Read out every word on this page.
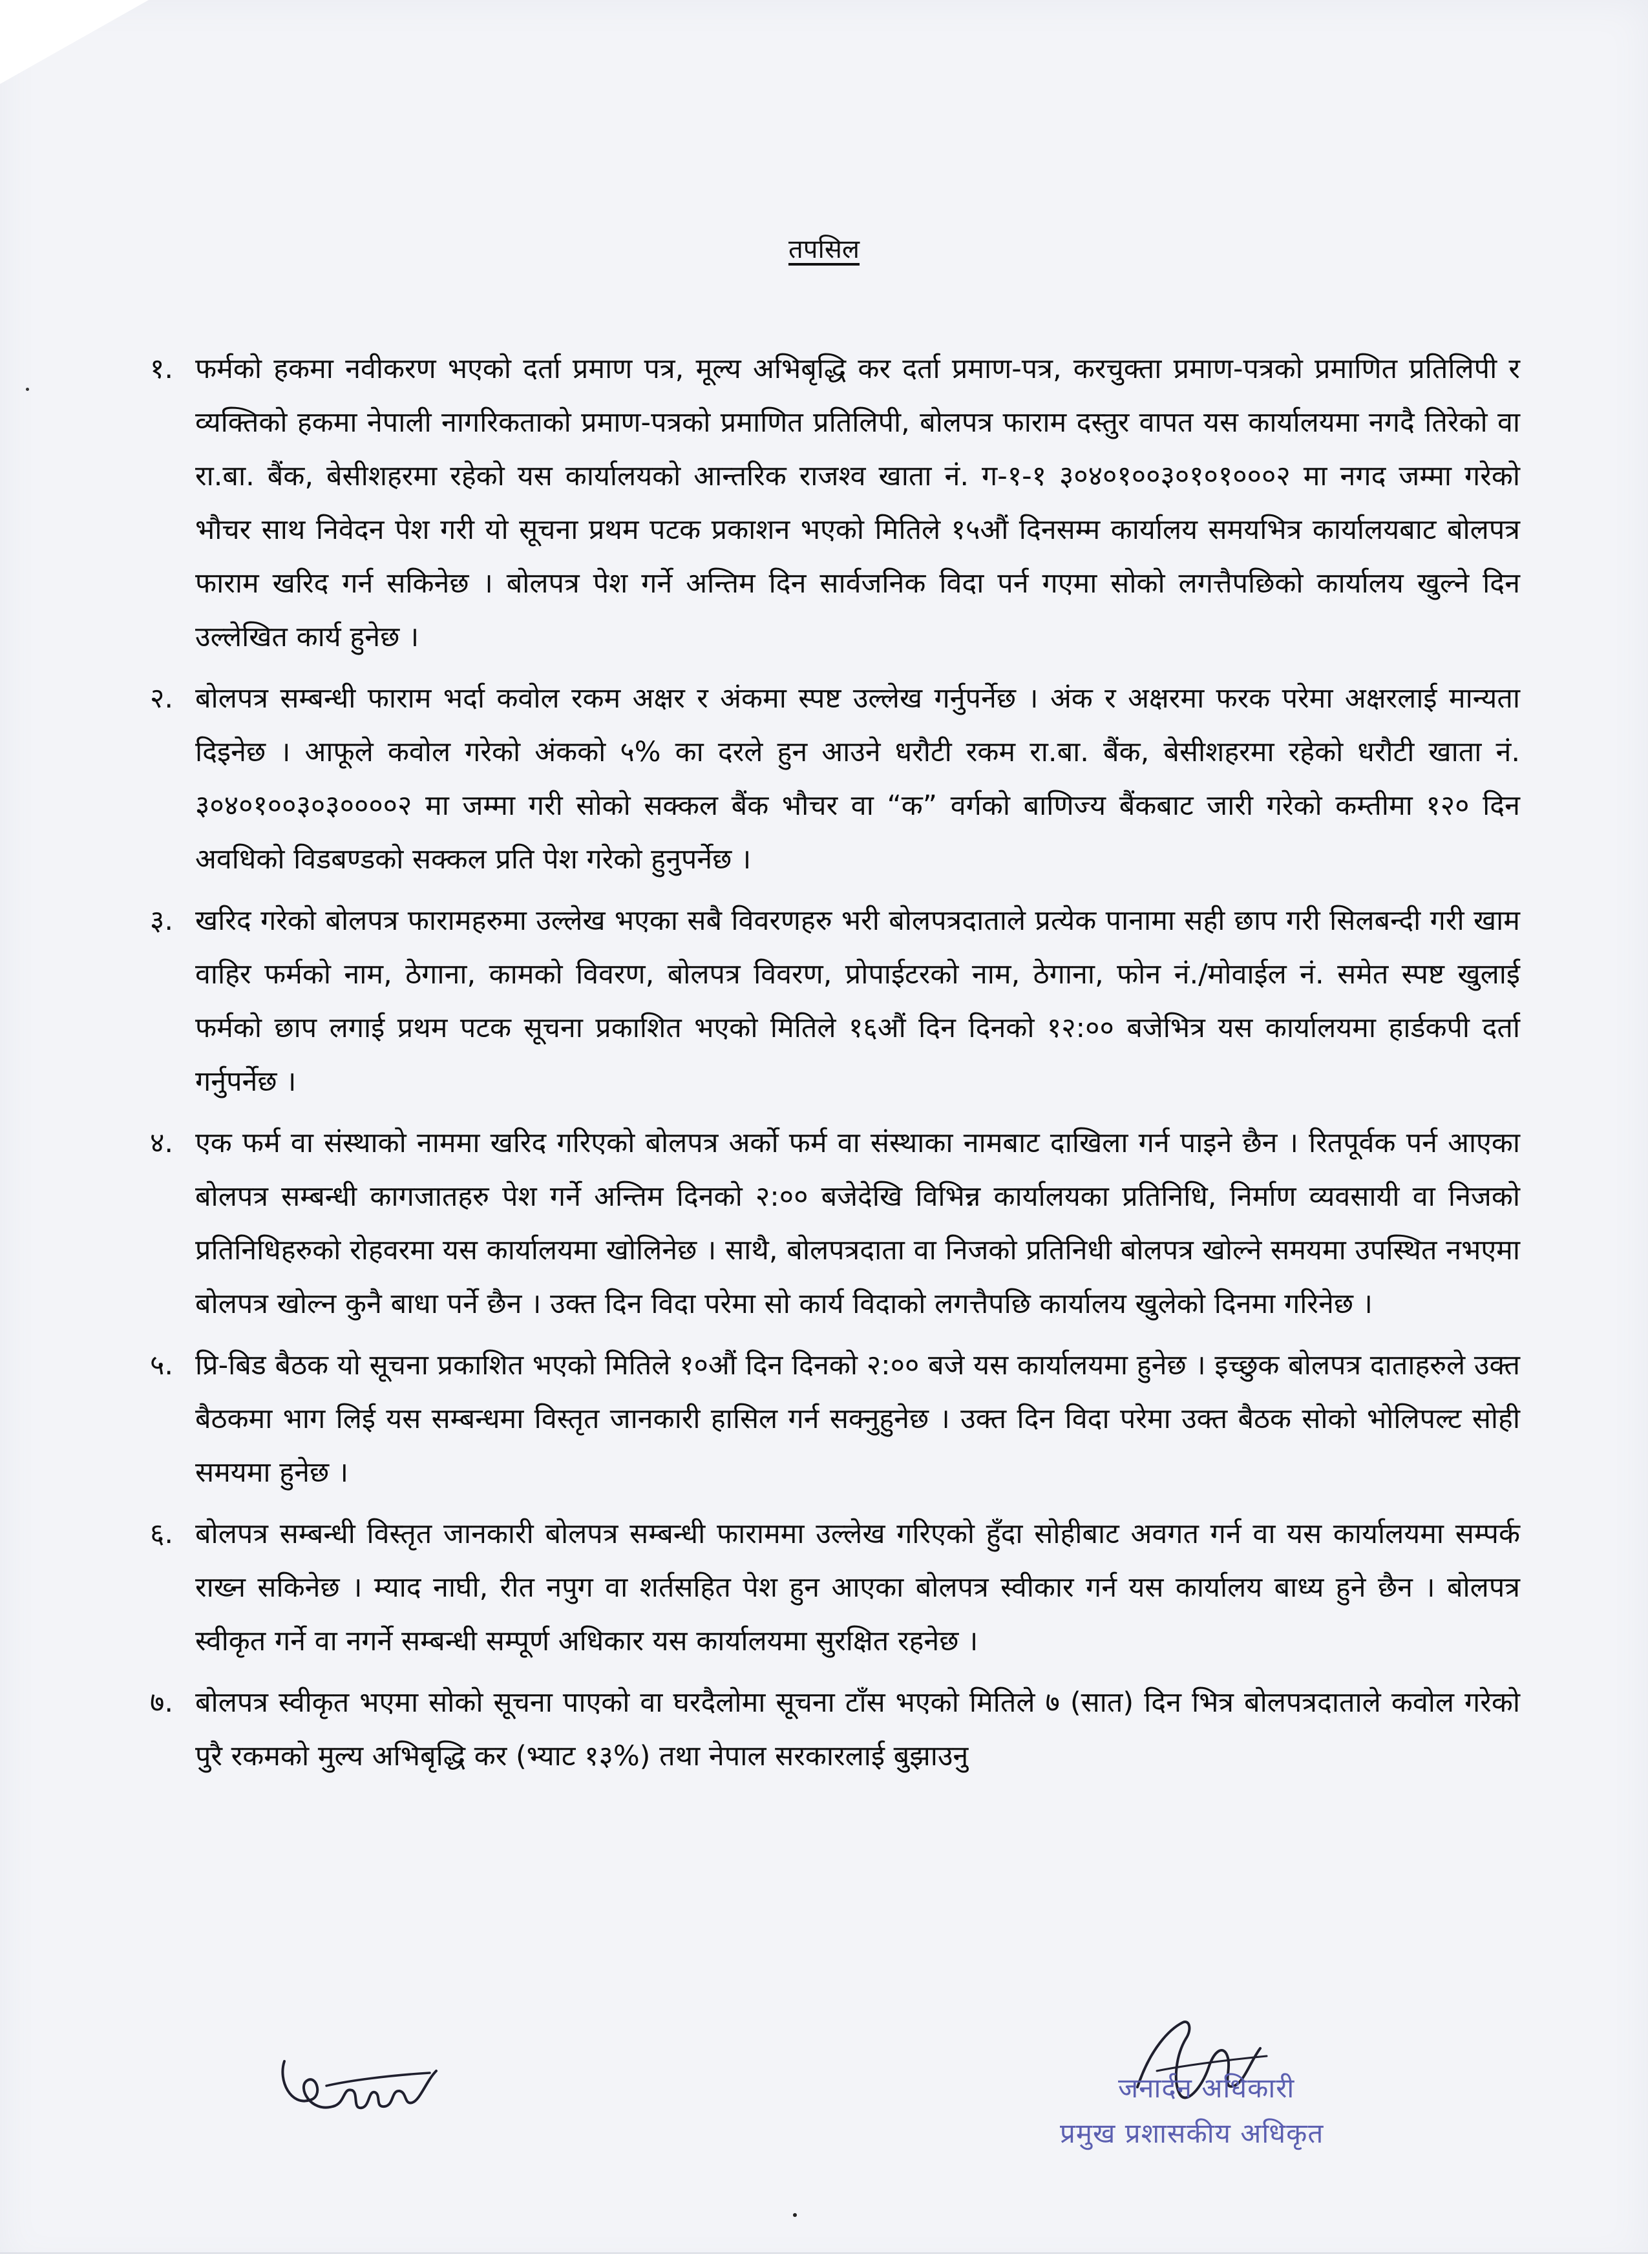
तपसिल
१. फर्मको हकमा नवीकरण भएको दर्ता प्रमाण पत्र, मूल्य अभिबृद्धि कर दर्ता प्रमाण-पत्र, करचुक्ता प्रमाण-पत्रको प्रमाणित प्रतिलिपी र व्यक्तिको हकमा नेपाली नागरिकताको प्रमाण-पत्रको प्रमाणित प्रतिलिपी, बोलपत्र फाराम दस्तुर वापत यस कार्यालयमा नगदै तिरेको वा रा.बा. बैंक, बेसीशहरमा रहेको यस कार्यालयको आन्तरिक राजश्व खाता नं. ग-१-१ ३०४०१००३०१०१०००२ मा नगद जम्मा गरेको भौचर साथ निवेदन पेश गरी यो सूचना प्रथम पटक प्रकाशन भएको मितिले १५औं दिनसम्म कार्यालय समयभित्र कार्यालयबाट बोलपत्र फाराम खरिद गर्न सकिनेछ । बोलपत्र पेश गर्ने अन्तिम दिन सार्वजनिक विदा पर्न गएमा सोको लगत्तैपछिको कार्यालय खुल्ने दिन उल्लेखित कार्य हुनेछ ।
२. बोलपत्र सम्बन्धी फाराम भर्दा कवोल रकम अक्षर र अंकमा स्पष्ट उल्लेख गर्नुपर्नेछ । अंक र अक्षरमा फरक परेमा अक्षरलाई मान्यता दिइनेछ । आफूले कवोल गरेको अंकको ५% का दरले हुन आउने धरौटी रकम रा.बा. बैंक, बेसीशहरमा रहेको धरौटी खाता नं. ३०४०१००३०३००००२ मा जम्मा गरी सोको सक्कल बैंक भौचर वा “क” वर्गको बाणिज्य बैंकबाट जारी गरेको कम्तीमा १२० दिन अवधिको विडबण्डको सक्कल प्रति पेश गरेको हुनुपर्नेछ ।
३. खरिद गरेको बोलपत्र फारामहरुमा उल्लेख भएका सबै विवरणहरु भरी बोलपत्रदाताले प्रत्येक पानामा सही छाप गरी सिलबन्दी गरी खाम वाहिर फर्मको नाम, ठेगाना, कामको विवरण, बोलपत्र विवरण, प्रोपाईटरको नाम, ठेगाना, फोन नं./मोवाईल नं. समेत स्पष्ट खुलाई फर्मको छाप लगाई प्रथम पटक सूचना प्रकाशित भएको मितिले १६औं दिन दिनको १२:०० बजेभित्र यस कार्यालयमा हार्डकपी दर्ता गर्नुपर्नेछ ।
४. एक फर्म वा संस्थाको नाममा खरिद गरिएको बोलपत्र अर्को फर्म वा संस्थाका नामबाट दाखिला गर्न पाइने छैन । रितपूर्वक पर्न आएका बोलपत्र सम्बन्धी कागजातहरु पेश गर्ने अन्तिम दिनको २:०० बजेदेखि विभिन्न कार्यालयका प्रतिनिधि, निर्माण व्यवसायी वा निजको प्रतिनिधिहरुको रोहवरमा यस कार्यालयमा खोलिनेछ । साथै, बोलपत्रदाता वा निजको प्रतिनिधी बोलपत्र खोल्ने समयमा उपस्थित नभएमा बोलपत्र खोल्न कुनै बाधा पर्ने छैन । उक्त दिन विदा परेमा सो कार्य विदाको लगत्तैपछि कार्यालय खुलेको दिनमा गरिनेछ ।
५. प्रि-बिड बैठक यो सूचना प्रकाशित भएको मितिले १०औं दिन दिनको २:०० बजे यस कार्यालयमा हुनेछ । इच्छुक बोलपत्र दाताहरुले उक्त बैठकमा भाग लिई यस सम्बन्धमा विस्तृत जानकारी हासिल गर्न सक्नुहुनेछ । उक्त दिन विदा परेमा उक्त बैठक सोको भोलिपल्ट सोही समयमा हुनेछ ।
६. बोलपत्र सम्बन्धी विस्तृत जानकारी बोलपत्र सम्बन्धी फाराममा उल्लेख गरिएको हुँदा सोहीबाट अवगत गर्न वा यस कार्यालयमा सम्पर्क राख्न सकिनेछ । म्याद नाघी, रीत नपुग वा शर्तसहित पेश हुन आएका बोलपत्र स्वीकार गर्न यस कार्यालय बाध्य हुने छैन । बोलपत्र स्वीकृत गर्ने वा नगर्ने सम्बन्धी सम्पूर्ण अधिकार यस कार्यालयमा सुरक्षित रहनेछ ।
७. बोलपत्र स्वीकृत भएमा सोको सूचना पाएको वा घरदैलोमा सूचना टाँस भएको मितिले ७ (सात) दिन भित्र बोलपत्रदाताले कवोल गरेको पुरै रकमको मुल्य अभिबृद्धि कर (भ्याट १३%) तथा नेपाल सरकारलाई बुझाउनु
जनार्दन अधिकारी
प्रमुख प्रशासकीय अधिकृत
